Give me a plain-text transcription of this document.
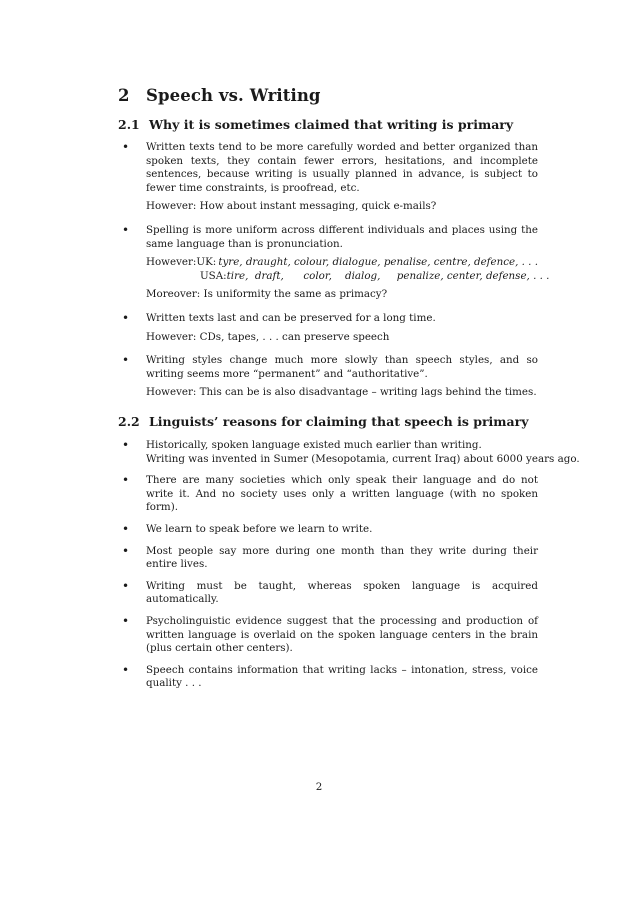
2 Speech vs. Writing
2.1 Why it is sometimes claimed that writing is primary
• Written texts tend to be more carefully worded and better organized than spoken texts, they contain fewer errors, hesitations, and incomplete sentences, because writing is usually planned in advance, is subject to fewer time constraints, is proofread, etc.
However: How about instant messaging, quick e-mails?
• Spelling is more uniform across different individuals and places using the same language than is pronunciation.
However: UK: tyre, draught, colour, dialogue, penalise, centre, defence, . . .
USA: tire,  draft,      color,    dialog,     penalize, center, defense, . . .
Moreover: Is uniformity the same as primacy?
• Written texts last and can be preserved for a long time.
However: CDs, tapes, . . . can preserve speech
• Writing styles change much more slowly than speech styles, and so writing seems more “permanent” and “authoritative”.
However: This can be is also disadvantage – writing lags behind the times.
2.2 Linguists’ reasons for claiming that speech is primary
• Historically, spoken language existed much earlier than writing.
Writing was invented in Sumer (Mesopotamia, current Iraq) about 6000 years ago.
• There are many societies which only speak their language and do not write it. And no society uses only a written language (with no spoken form).
• We learn to speak before we learn to write.
• Most people say more during one month than they write during their entire lives.
• Writing must be taught, whereas spoken language is acquired automatically.
• Psycholinguistic evidence suggest that the processing and production of written language is overlaid on the spoken language centers in the brain (plus certain other centers).
• Speech contains information that writing lacks – intonation, stress, voice quality . . .
2
